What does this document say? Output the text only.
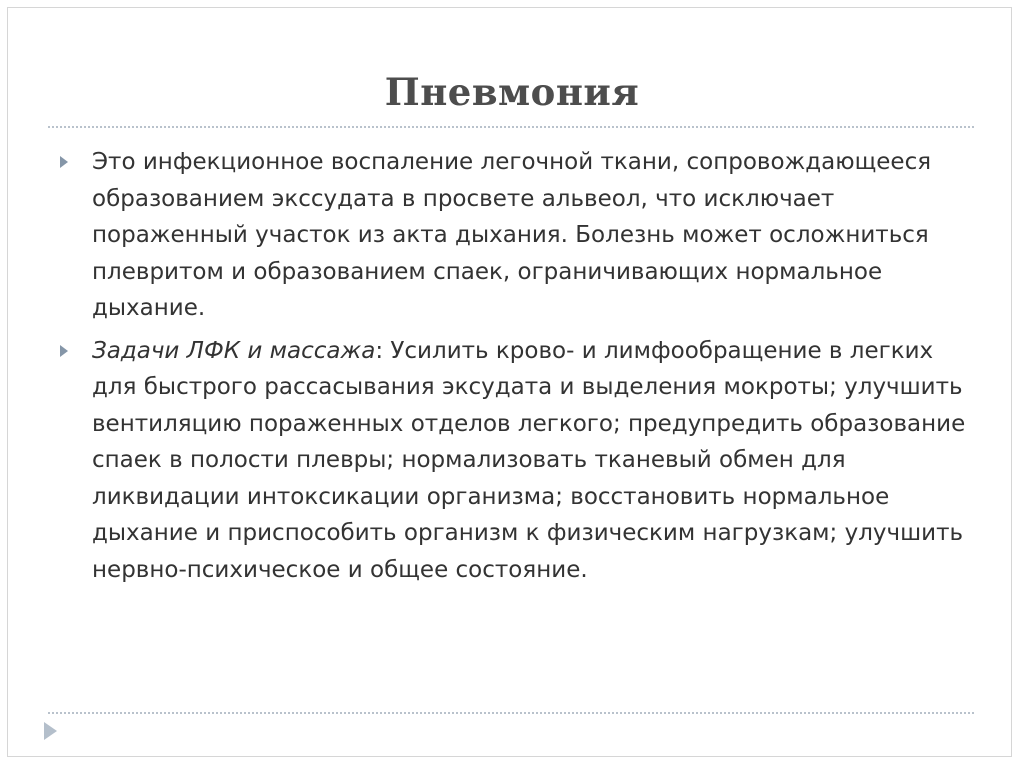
Пневмония
Это инфекционное воспаление легочной ткани, сопровождающееся образованием экссудата в просвете альвеол, что исключает пораженный участок из акта дыхания. Болезнь может осложниться плевритом и образованием спаек, ограничивающих нормальное дыхание.
Задачи ЛФК и массажа: Усилить крово- и лимфообращение в легких для быстрого рассасывания эксудата и выделения мокроты; улучшить вентиляцию пораженных отделов легкого; предупредить образование спаек в полости плевры; нормализовать тканевый обмен для ликвидации интоксикации организма; восстановить нормальное дыхание и приспособить организм к физическим нагрузкам; улучшить нервно-психическое и общее состояние.
